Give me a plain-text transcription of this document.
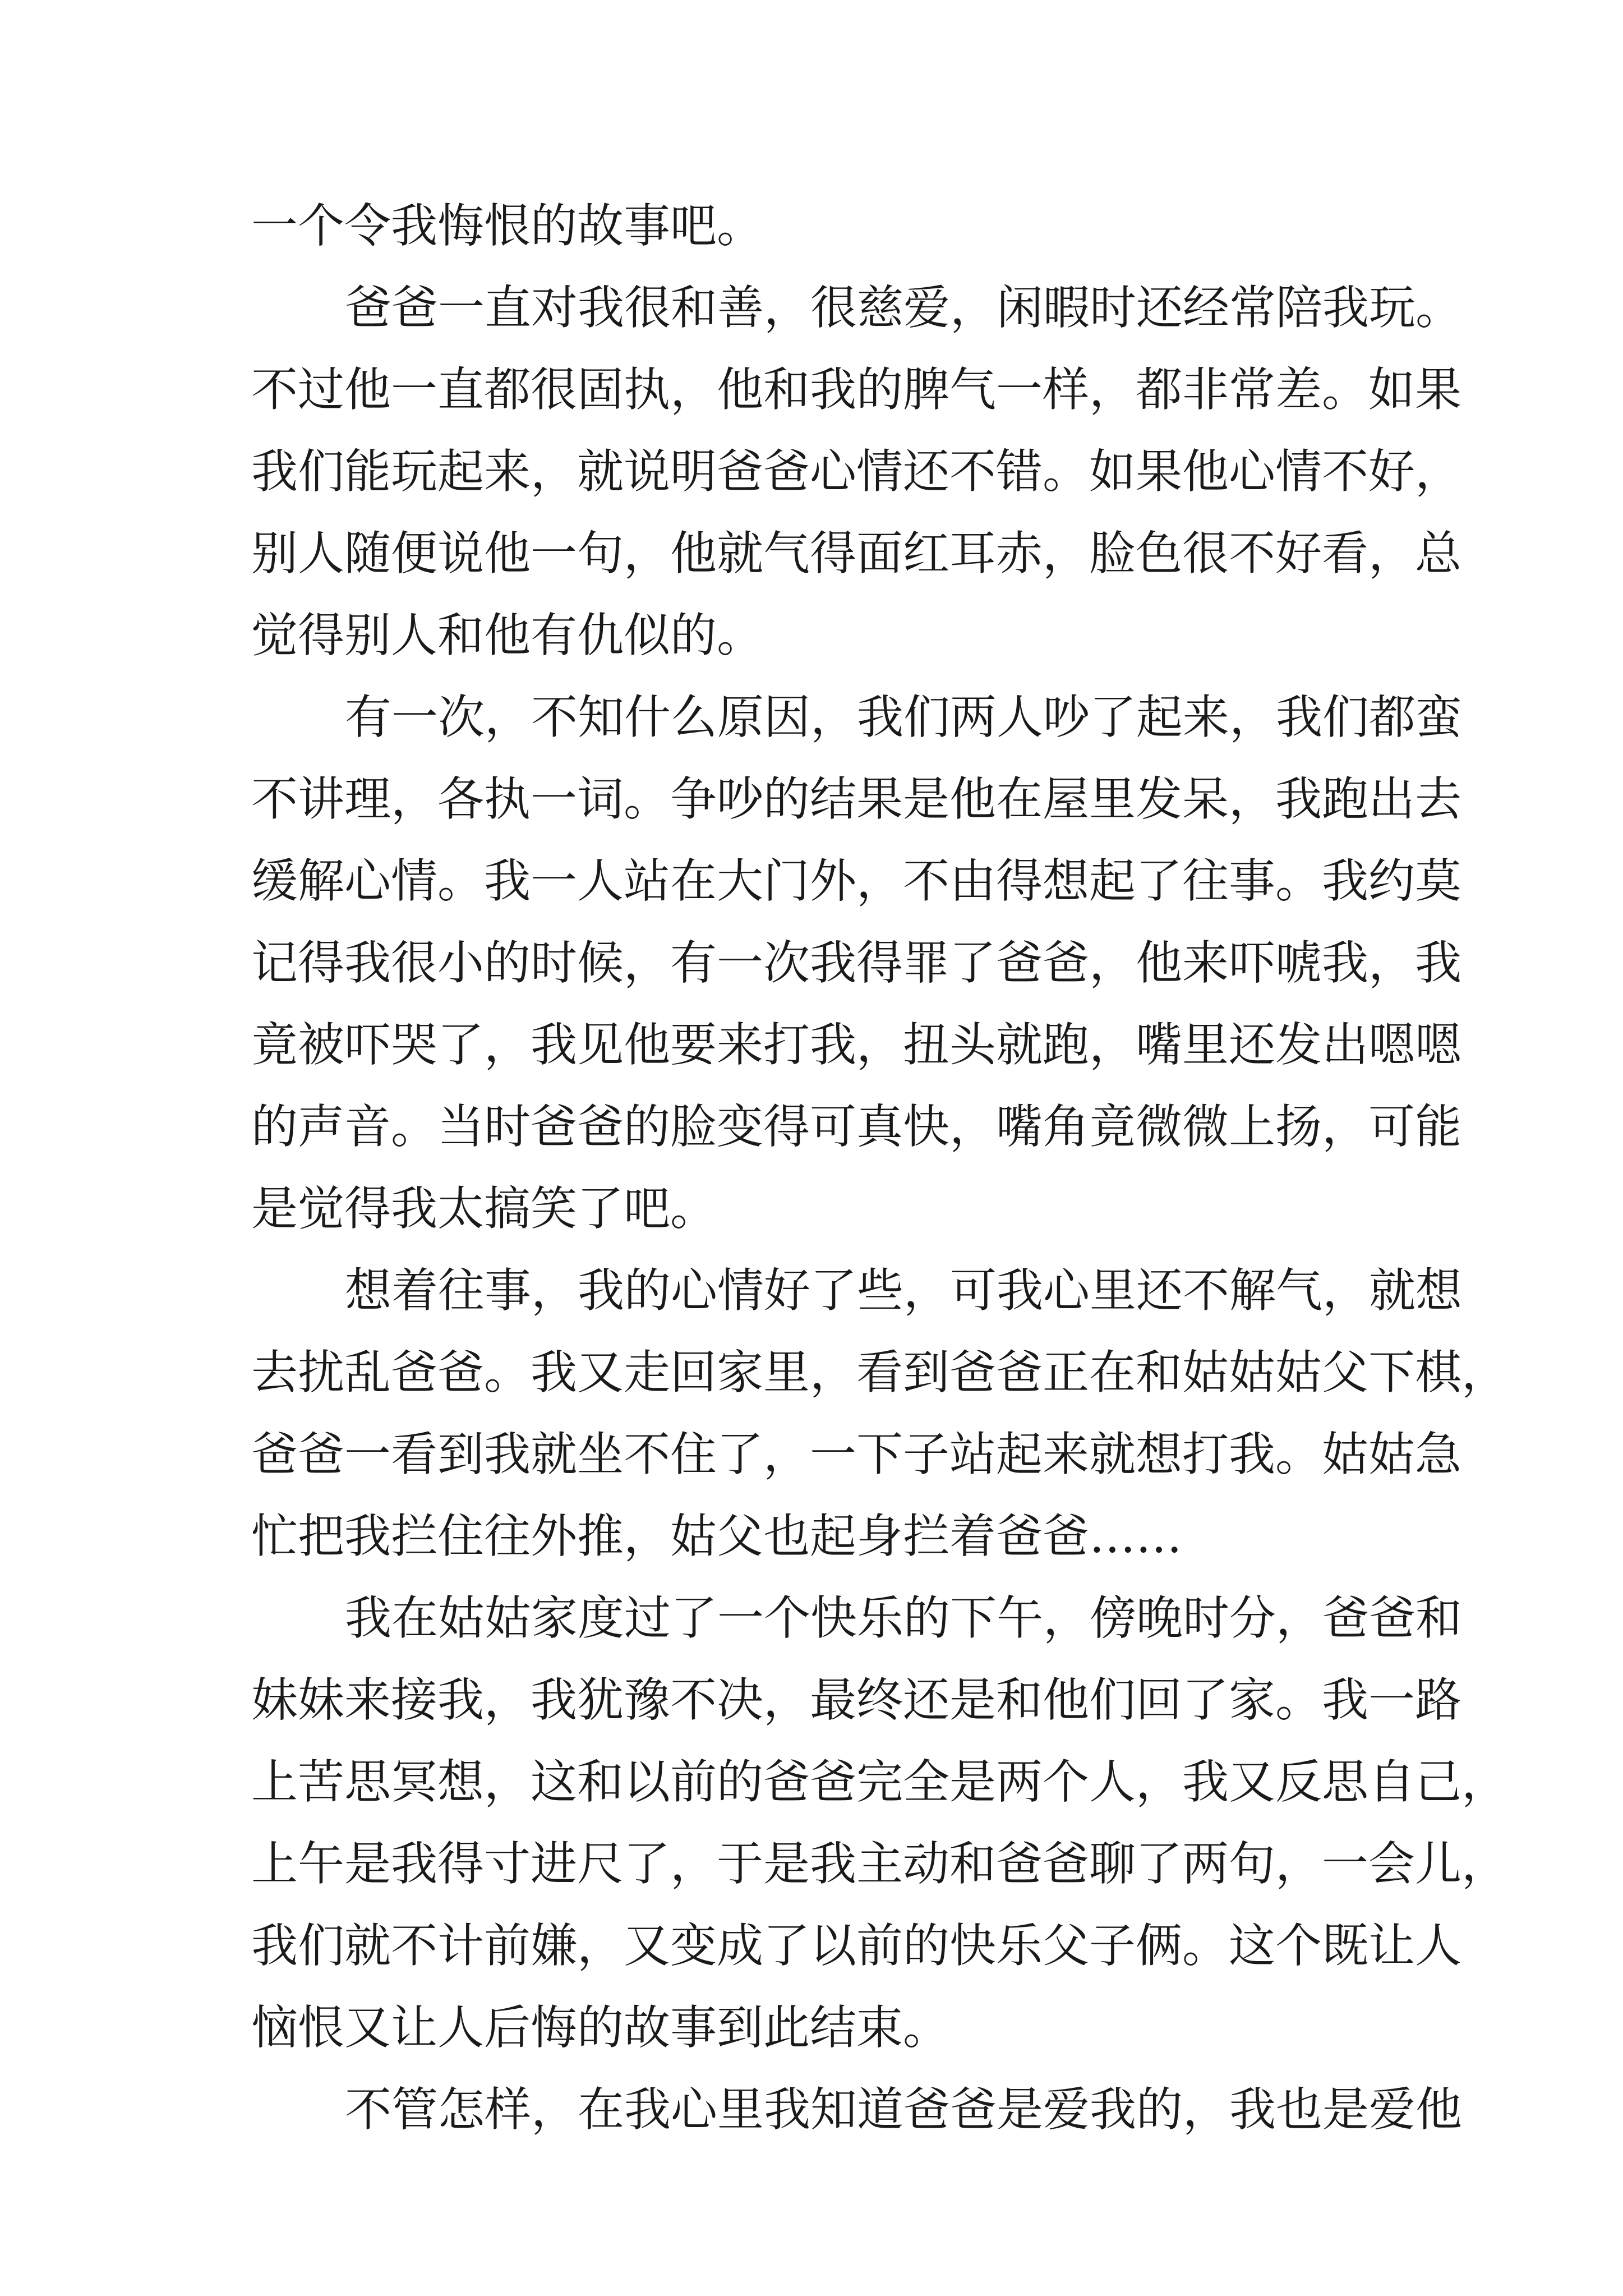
一个令我悔恨的故事吧。
爸爸一直对我很和善，很慈爱，闲暇时还经常陪我玩。
不过他一直都很固执，他和我的脾气一样，都非常差。如果
我们能玩起来，就说明爸爸心情还不错。如果他心情不好，
别人随便说他一句，他就气得面红耳赤，脸色很不好看，总
觉得别人和他有仇似的。
有一次，不知什么原因，我们两人吵了起来，我们都蛮
不讲理，各执一词。争吵的结果是他在屋里发呆，我跑出去
缓解心情。我一人站在大门外，不由得想起了往事。我约莫
记得我很小的时候，有一次我得罪了爸爸，他来吓唬我，我
竟被吓哭了，我见他要来打我，扭头就跑，嘴里还发出嗯嗯
的声音。当时爸爸的脸变得可真快，嘴角竟微微上扬，可能
是觉得我太搞笑了吧。
想着往事，我的心情好了些，可我心里还不解气，就想
去扰乱爸爸。我又走回家里，看到爸爸正在和姑姑姑父下棋，
爸爸一看到我就坐不住了，一下子站起来就想打我。姑姑急
忙把我拦住往外推，姑父也起身拦着爸爸……
我在姑姑家度过了一个快乐的下午，傍晚时分，爸爸和
妹妹来接我，我犹豫不决，最终还是和他们回了家。我一路
上苦思冥想，这和以前的爸爸完全是两个人，我又反思自己，
上午是我得寸进尺了，于是我主动和爸爸聊了两句，一会儿，
我们就不计前嫌，又变成了以前的快乐父子俩。这个既让人
恼恨又让人后悔的故事到此结束。
不管怎样，在我心里我知道爸爸是爱我的，我也是爱他
